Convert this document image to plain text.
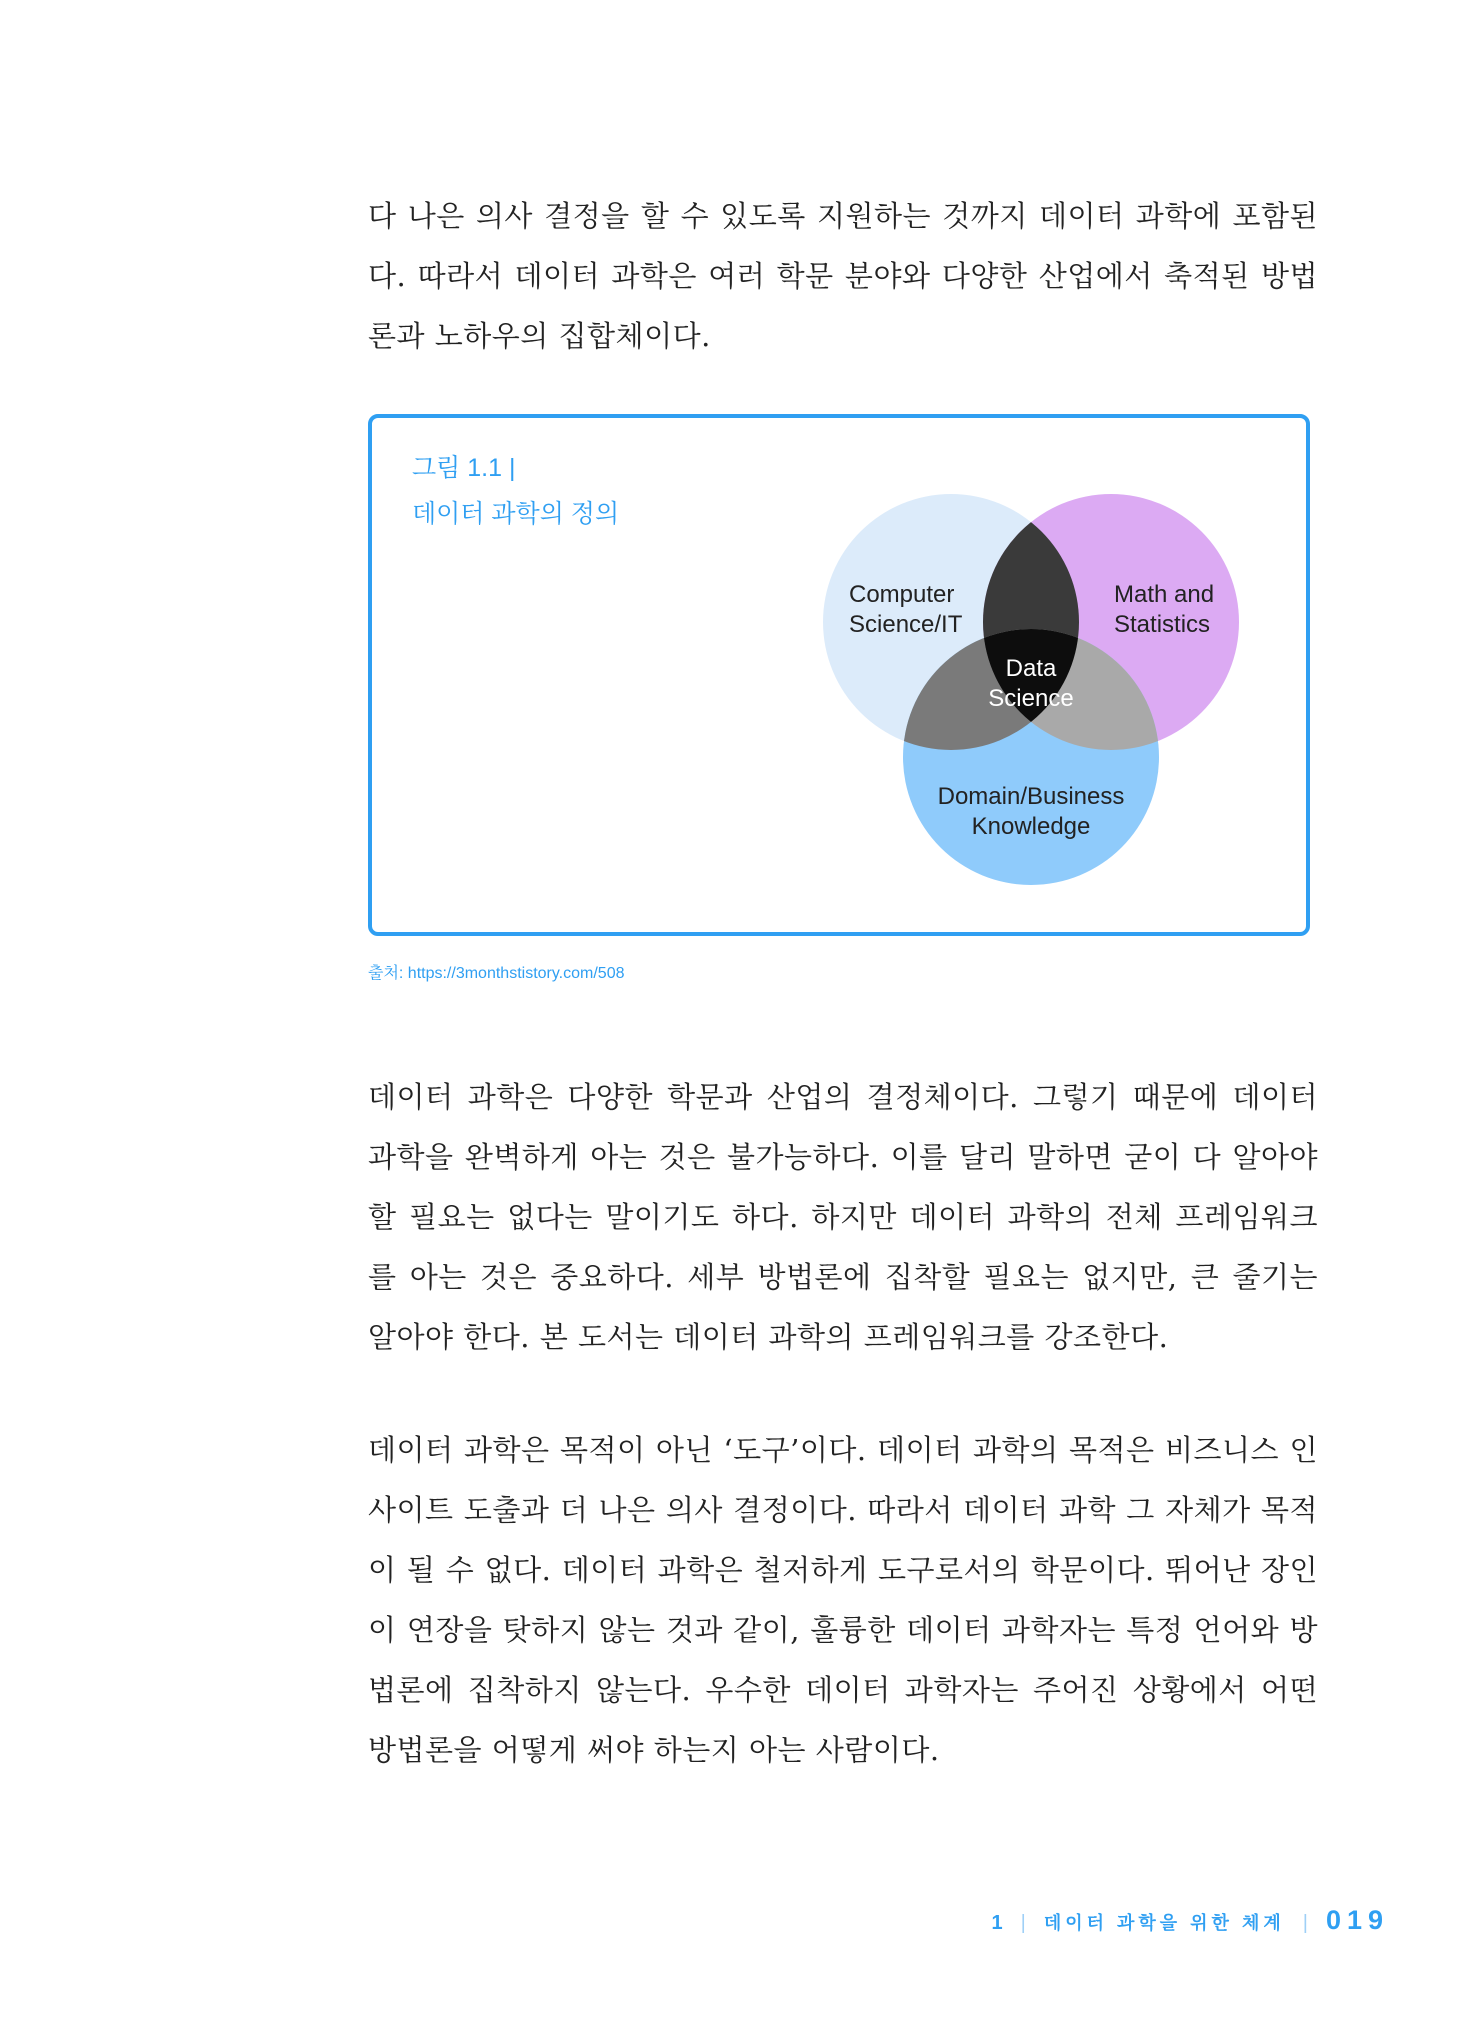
다 나은 의사 결정을 할 수 있도록 지원하는 것까지 데이터 과학에 포함된다. 따라서 데이터 과학은 여러 학문 분야와 다양한 산업에서 축적된 방법론과 노하우의 집합체이다.

그림 1.1 |
데이터 과학의 정의
Computer
Science/IT
Math and
Statistics
Domain/Business
Knowledge
Data
Science
출처: https://3monthstistory.com/508

데이터 과학은 다양한 학문과 산업의 결정체이다. 그렇기 때문에 데이터 과학을 완벽하게 아는 것은 불가능하다. 이를 달리 말하면 굳이 다 알아야 할 필요는 없다는 말이기도 하다. 하지만 데이터 과학의 전체 프레임워크를 아는 것은 중요하다. 세부 방법론에 집착할 필요는 없지만, 큰 줄기는 알아야 한다. 본 도서는 데이터 과학의 프레임워크를 강조한다.

데이터 과학은 목적이 아닌 ‘도구’이다. 데이터 과학의 목적은 비즈니스 인사이트 도출과 더 나은 의사 결정이다. 따라서 데이터 과학 그 자체가 목적이 될 수 없다. 데이터 과학은 철저하게 도구로서의 학문이다. 뛰어난 장인이 연장을 탓하지 않는 것과 같이, 훌륭한 데이터 과학자는 특정 언어와 방법론에 집착하지 않는다. 우수한 데이터 과학자는 주어진 상황에서 어떤 방법론을 어떻게 써야 하는지 아는 사람이다.

1 | 데이터 과학을 위한 체계 | 019
